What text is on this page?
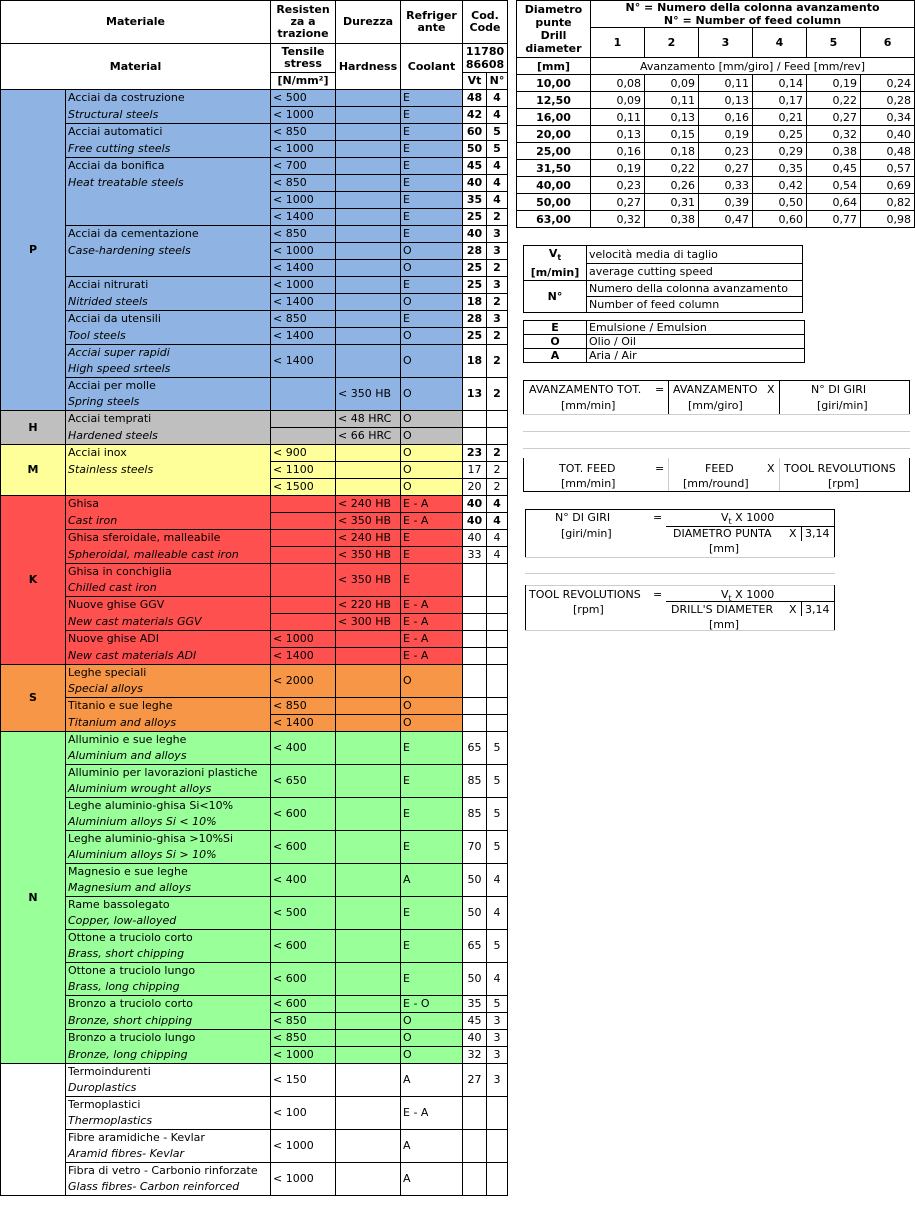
Materiale		Resisten za a trazione	Durezza	Refriger ante	Cod. Code	
Material		Tensile stress	Hardness	Coolant	11780
86608	
		[N/mm²]			Vt	N°
P	Acciai da costruzione	< 500		E	48	4
	Structural steels	< 1000		E	42	4
	Acciai automatici	< 850		E	60	5
	Free cutting steels	< 1000		E	50	5
	Acciai da bonifica	< 700		E	45	4
	Heat treatable steels	< 850		E	40	4
		< 1000		E	35	4
		< 1400		E	25	2
	Acciai da cementazione	< 850		E	40	3
	Case-hardening steels	< 1000		O	28	3
		< 1400		O	25	2
	Acciai nitrurati	< 1000		E	25	3
	Nitrided steels	< 1400		O	18	2
	Acciai da utensili	< 850		E	28	3
	Tool steels	< 1400		O	25	2
	Acciai super rapidi	< 1400		O	18	2
	High speed srteels					
	Acciai per molle		< 350 HB	O	13	2
	Spring steels					
H	Acciai temprati		< 48 HRC	O		
	Hardened steels		< 66 HRC	O		
M	Acciai inox	< 900		O	23	2
	Stainless steels	< 1100		O	17	2
		< 1500		O	20	2
K	Ghisa		< 240 HB	E - A	40	4
	Cast iron		< 350 HB	E - A	40	4
	Ghisa sferoidale, malleabile		< 240 HB	E	40	4
	Spheroidal, malleable cast iron		< 350 HB	E	33	4
	Ghisa in conchiglia		< 350 HB	E		
	Chilled cast iron					
	Nuove ghise GGV		< 220 HB	E - A		
	New cast materials GGV		< 300 HB	E - A		
	Nuove ghise ADI	< 1000		E - A		
	New cast materials ADI	< 1400		E - A		
S	Leghe speciali	< 2000		O		
	Special alloys					
	Titanio e sue leghe	< 850		O		
	Titanium and alloys	< 1400		O		
N	Alluminio e sue leghe	< 400		E	65	5
	Aluminium and alloys					
	Alluminio per lavorazioni plastiche	< 650		E	85	5
	Aluminium wrought alloys					
	Leghe aluminio-ghisa Si<10%	< 600		E	85	5
	Aluminium alloys Si < 10%					
	Leghe aluminio-ghisa >10%Si	< 600		E	70	5
	Aluminium alloys Si > 10%					
	Magnesio e sue leghe	< 400		A	50	4
	Magnesium and alloys					
	Rame bassolegato	< 500		E	50	4
	Copper, low-alloyed					
	Ottone a truciolo corto	< 600		E	65	5
	Brass, short chipping					
	Ottone a truciolo lungo	< 600		E	50	4
	Brass, long chipping					
	Bronzo a truciolo corto	< 600		E - O	35	5
	Bronze, short chipping	< 850		O	45	3
	Bronzo a truciolo lungo	< 850		O	40	3
	Bronze, long chipping	< 1000		O	32	3
	Termoindurenti	< 150		A	27	3
	Duroplastics					
	Termoplastici	< 100		E - A		
	Thermoplastics					
	Fibre aramidiche - Kevlar	< 1000		A		
	Aramid fibres- Kevlar					
	Fibra di vetro - Carbonio rinforzate	< 1000		A		
	Glass fibres- Carbon reinforced					
Diametro punte
Drill diameter	N° = Numero della colonna avanzamento
N° = Number of feed column					
	1	2	3	4	5	6
[mm]	Avanzamento [mm/giro] / Feed [mm/rev]					
10,00	0,08	0,09	0,11	0,14	0,19	0,24
12,50	0,09	0,11	0,13	0,17	0,22	0,28
16,00	0,11	0,13	0,16	0,21	0,27	0,34
20,00	0,13	0,15	0,19	0,25	0,32	0,40
25,00	0,16	0,18	0,23	0,29	0,38	0,48
31,50	0,19	0,22	0,27	0,35	0,45	0,57
40,00	0,23	0,26	0,33	0,42	0,54	0,69
50,00	0,27	0,31	0,39	0,50	0,64	0,82
63,00	0,32	0,38	0,47	0,60	0,77	0,98
$V_t$
[m/min]	velocità media di taglio
	average cutting speed
N°	Numero della colonna avanzamento
	Number of feed column
E	Emulsione / Emulsion
O	Olio / Oil
A	Aria / Air
AVANZAMENTO TOT. = AVANZAMENTO X	N° DI GIRI
[mm/min]	[mm/giro]	[giri/min]
TOT. FEED	=	FEED	X TOOL REVOLUTIONS
[mm/min]	[mm/round]	[rpm]
N° DI GIRI	=	$V_t$ X 1000
[giri/min]	DIAMETRO PUNTA X 3,14
[mm]
TOOL REVOLUTIONS =	$V_t$ X 1000
[rpm]	DRILL'S DIAMETER X 3,14
[mm]
